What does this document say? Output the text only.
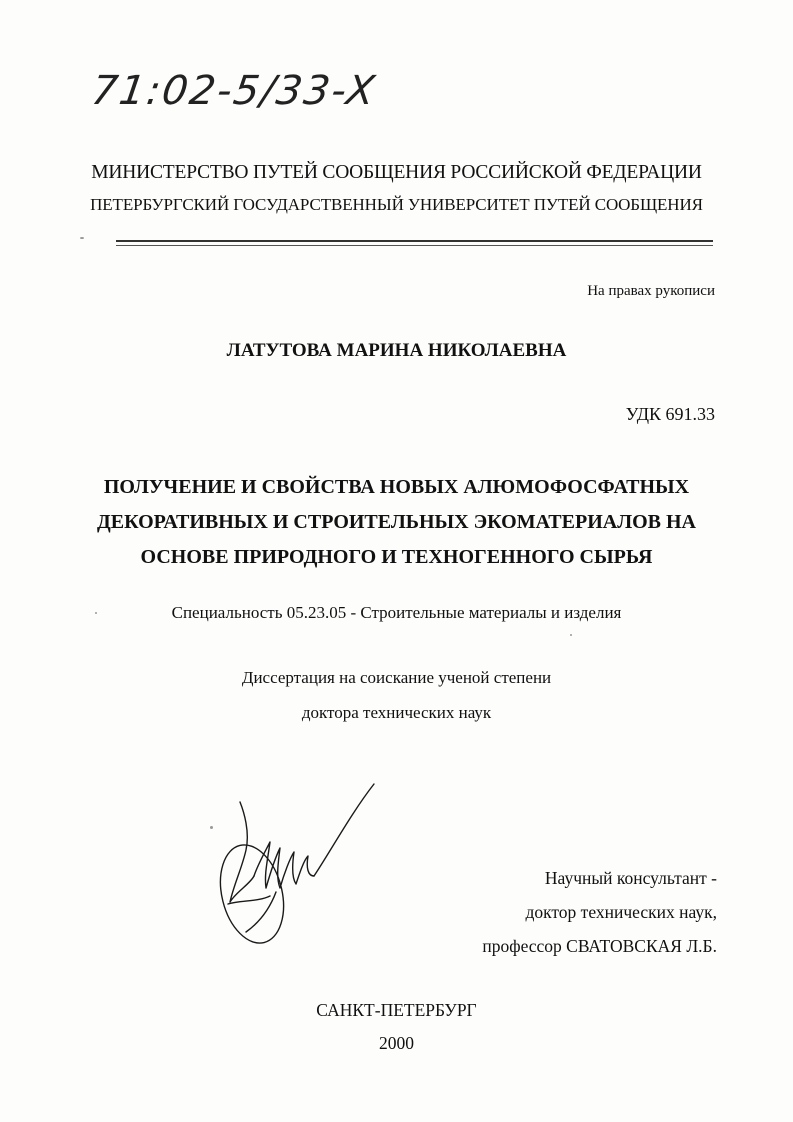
71:02-5/33-X
МИНИСТЕРСТВО ПУТЕЙ СООБЩЕНИЯ РОССИЙСКОЙ ФЕДЕРАЦИИ
ПЕТЕРБУРГСКИЙ ГОСУДАРСТВЕННЫЙ УНИВЕРСИТЕТ ПУТЕЙ СООБЩЕНИЯ
На правах рукописи
ЛАТУТОВА МАРИНА НИКОЛАЕВНА
УДК 691.33
ПОЛУЧЕНИЕ И СВОЙСТВА НОВЫХ АЛЮМОФОСФАТНЫХ
ДЕКОРАТИВНЫХ И СТРОИТЕЛЬНЫХ ЭКОМАТЕРИАЛОВ НА
ОСНОВЕ ПРИРОДНОГО И ТЕХНОГЕННОГО СЫРЬЯ
Специальность 05.23.05 - Строительные материалы и изделия
Диссертация на соискание ученой степени
доктора технических наук
Научный консультант -
доктор технических наук,
профессор СВАТОВСКАЯ Л.Б.
САНКТ-ПЕТЕРБУРГ
2000
